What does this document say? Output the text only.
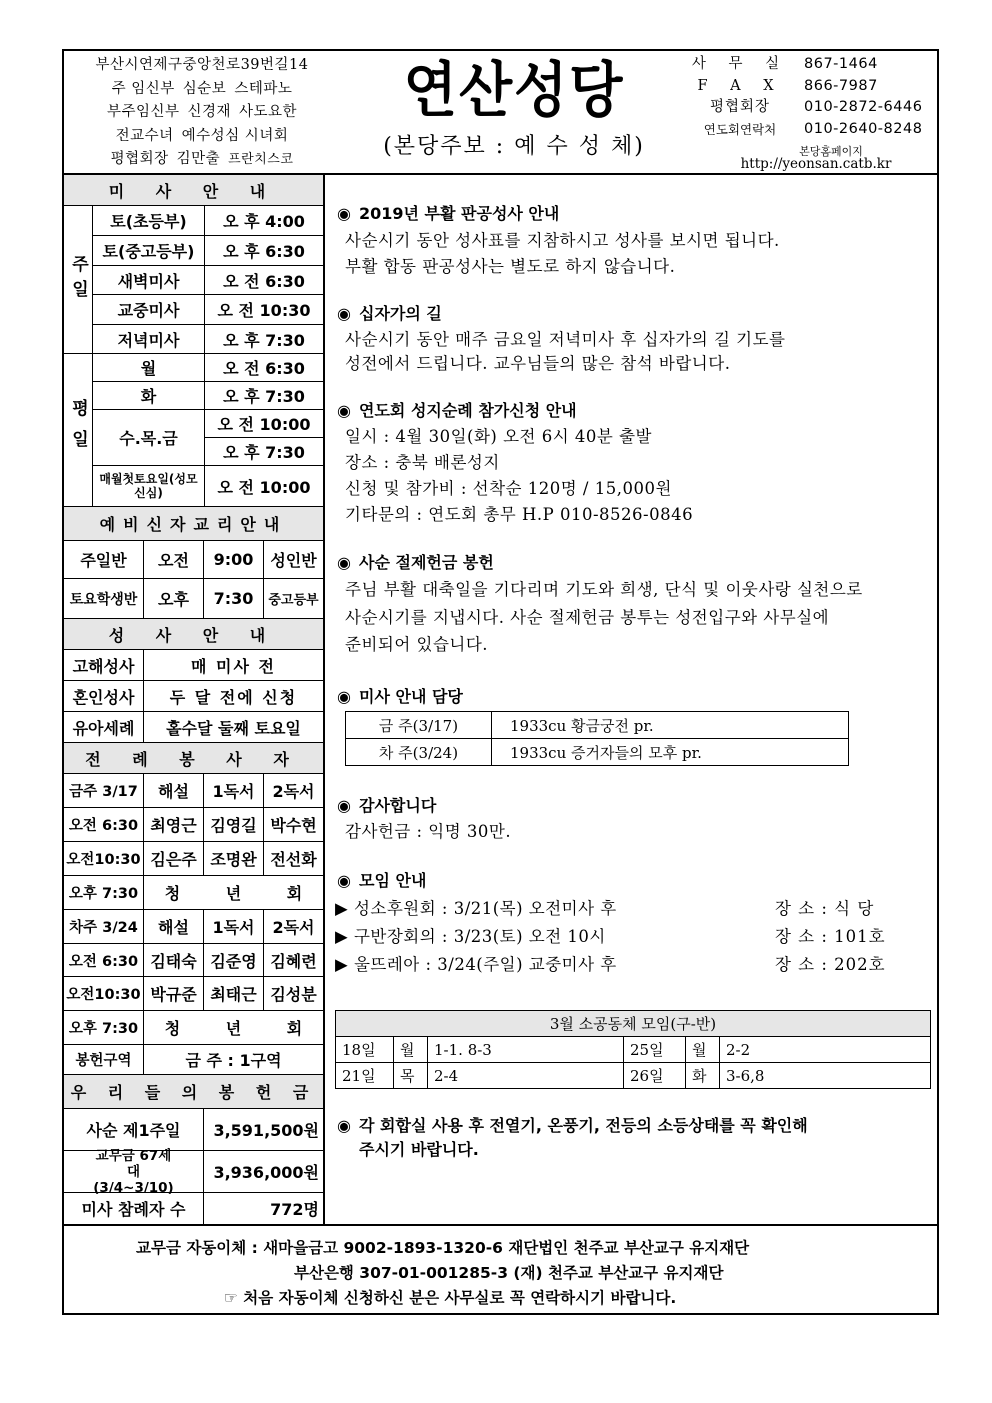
부산시연제구중앙천로39번길14
주 임신부 심순보 스테파노
부주임신부 신경재 사도요한
전교수녀 예수성심 시녀회
평협회장 김만출 프란치스코
연산성당
(본당주보 : 예 수 성 체)
사 무 실	867-1464
F A X	866-7987
평협회장	010-2872-6446
연도회연락처	010-2640-8248
본당홈페이지
http://yeonsan.catb.kr
미 사 안 내
주일
토(초등부)	오 후 4:00
토(중고등부)	오 후 6:30
새벽미사	오 전 6:30
교중미사	오 전 10:30
저녁미사	오 후 7:30
평일
월	오 전 6:30
화	오 후 7:30
수.목.금
오 전 10:00
오 후 7:30
매월첫토요일(성모신심)	오 전 10:00
예비신자교리안내
주일반	오전	9:00	성인반
토요학생반	오후	7:30	중고등부
성 사 안 내
고해성사	매 미사 전
혼인성사	두 달 전에 신청
유아세례	홀수달 둘째 토요일
전 례 봉 사 자
금주 3/17	해설	1독서	2독서
오전 6:30 최영근 김영길 박수현
오전10:30 김은주 조명완 전선화
오후 7:30	청 년 회
차주 3/24	해설	1독서	2독서
오전 6:30 김태숙 김준영 김혜련
오전10:30 박규준 최태근 김성분
오후 7:30	청 년 회
봉헌구역	금 주 : 1구역
우 리 들 의 봉 헌 금
사순 제1주일	3,591,500원
교무금 67세대 (3/4~3/10)
3,936,000원
미사 참례자 수	772명
◉ 2019년 부활 판공성사 안내
사순시기 동안 성사표를 지참하시고 성사를 보시면 됩니다.
부활 합동 판공성사는 별도로 하지 않습니다.
◉ 십자가의 길
사순시기 동안 매주 금요일 저녁미사 후 십자가의 길 기도를
성전에서 드립니다. 교우님들의 많은 참석 바랍니다.
◉ 연도회 성지순례 참가신청 안내
일시 : 4월 30일(화) 오전 6시 40분 출발
장소 : 충북 배론성지
신청 및 참가비 : 선착순 120명 / 15,000원
기타문의 : 연도회 총무 H.P 010-8526-0846
◉ 사순 절제헌금 봉헌
주님 부활 대축일을 기다리며 기도와 희생, 단식 및 이웃사랑 실천으로
사순시기를 지냅시다. 사순 절제헌금 봉투는 성전입구와 사무실에
준비되어 있습니다.
◉ 미사 안내 담당
금 주(3/17)	1933cu 황금궁전 pr.
차 주(3/24)	1933cu 증거자들의 모후 pr.
◉ 감사합니다
감사헌금 : 익명 30만.
◉ 모임 안내
▶ 성소후원회 : 3/21(목) 오전미사 후	장 소 : 식 당
▶ 구반장회의 : 3/23(토) 오전 10시	장 소 : 101호
▶ 울뜨레아 : 3/24(주일) 교중미사 후	장 소 : 202호
3월 소공동체 모임(구-반)					
18일	월	1-1. 8-3	25일	월	2-2
21일	목	2-4	26일	화	3-6,8
◉ 각 회합실 사용 후 전열기, 온풍기, 전등의 소등상태를 꼭 확인해
주시기 바랍니다.
교무금 자동이체 : 새마을금고 9002-1893-1320-6 재단법인 천주교 부산교구 유지재단
부산은행 307-01-001285-3 (재) 천주교 부산교구 유지재단
☞ 처음 자동이체 신청하신 분은 사무실로 꼭 연락하시기 바랍니다.
